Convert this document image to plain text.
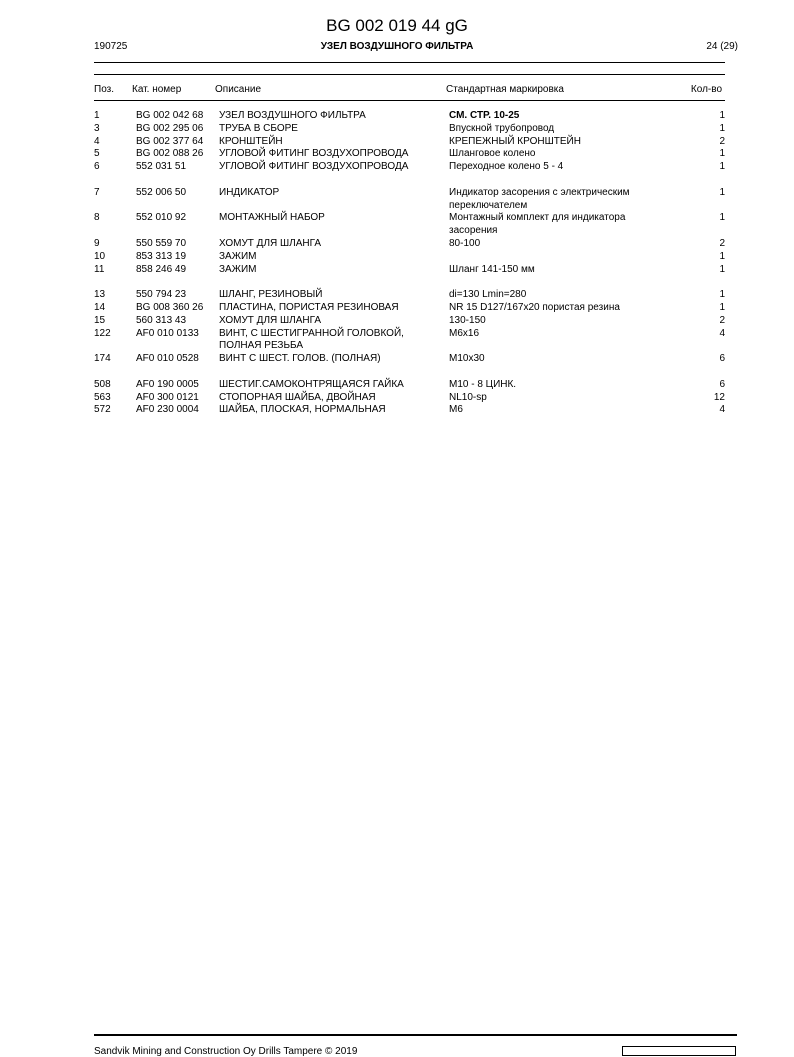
BG 002 019 44 gG
190725	УЗЕЛ ВОЗДУШНОГО ФИЛЬТРА	24 (29)
Поз. Кат. номер	Описание	Стандартная маркировка	Кол-во
1	BG 002 042 68	УЗЕЛ ВОЗДУШНОГО ФИЛЬТРА	СМ. СТР. 10-25	1
3	BG 002 295 06	ТРУБА В СБОРЕ	Впускной трубопровод	1
4	BG 002 377 64	КРОНШТЕЙН	КРЕПЕЖНЫЙ КРОНШТЕЙН	2
5	BG 002 088 26	УГЛОВОЙ ФИТИНГ ВОЗДУХОПРОВОДА	Шланговое колено	1
6	552 031 51	УГЛОВОЙ ФИТИНГ ВОЗДУХОПРОВОДА	Переходное колено 5 - 4	1

7	552 006 50	ИНДИКАТОР	Индикатор засорения с электрическим	1
			переключателем	
8	552 010 92	МОНТАЖНЫЙ НАБОР	Монтажный комплект для индикатора	1
			засорения	
9	550 559 70	ХОМУТ ДЛЯ ШЛАНГА	80-100	2
10	853 313 19	ЗАЖИМ		1
11	858 246 49	ЗАЖИМ	Шланг 141-150 мм	1

13	550 794 23	ШЛАНГ, РЕЗИНОВЫЙ	di=130 Lmin=280	1
14	BG 008 360 26	ПЛАСТИНА, ПОРИСТАЯ РЕЗИНОВАЯ	NR 15 D127/167x20 пористая резина	1
15	560 313 43	ХОМУТ ДЛЯ ШЛАНГА	130-150	2
122	AF0 010 0133	ВИНТ, С ШЕСТИГРАННОЙ ГОЛОВКОЙ,	M6x16	4
		ПОЛНАЯ РЕЗЬБА		
174	AF0 010 0528	ВИНТ С ШЕСТ. ГОЛОВ. (ПОЛНАЯ)	M10x30	6

508	AF0 190 0005	ШЕСТИГ.САМОКОНТРЯЩАЯСЯ ГАЙКА	M10 - 8 ЦИНК.	6
563	AF0 300 0121	СТОПОРНАЯ ШАЙБА, ДВОЙНАЯ	NL10-sp	12
572	AF0 230 0004	ШАЙБА, ПЛОСКАЯ, НОРМАЛЬНАЯ	M6	4
Sandvik Mining and Construction Oy Drills Tampere © 2019
